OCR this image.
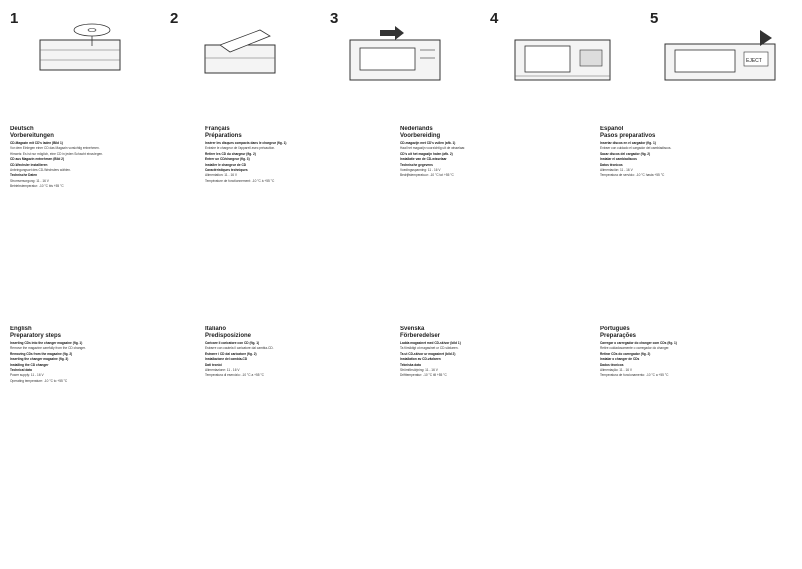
1	2	3	4
EJECT
5
Deutsch
Vorbereitungen

CD-Magazin mit CD's laden (Bild 1)

Vor dem Einlegen einer CD das Magazin vorsichtig entnehmen.

Hinweis: Es ist nur möglich, eine CD in jeden Schacht einzulegen.

CD aus Magazin entnehmen (Bild 2)

CD-Wechsler installieren

Anbringungsort des CD-Wechslers wählen.

Technische Daten

Stromversorgung: 11 - 16 V

Betriebstemperatur: -10 °C bis +55 °C

Français
Préparations

Insérer les disques compacts dans le chargeur (fig. 1)

Extraire le chargeur de l'appareil avec précaution.

Retirer les CD du chargeur (fig. 2)

Entrer un CD/chargeur (fig. 3)

Installer le changeur de CD

Caractéristiques techniques

Alimentation: 11 - 16 V

Température de fonctionnement: -10 °C à +55 °C

Nederlands
Voorbereiding

CD-magazijn met CD's vullen (afb. 1)

Haal het magazijn voorzichtig uit de wisselaar.

CD's uit het magazijn halen (afb. 2)

Installatie van de CD-wisselaar

Technische gegevens

Voedingsspanning: 11 - 16 V

Bedrijfstemperatuur: -10 °C tot +55 °C

Español
Pasos preparativos

Insertar discos en el cargador (fig. 1)

Extraer con cuidado el cargador del cambiadiscos.

Sacar discos del cargador (fig. 2)

Instalar el cambiadiscos

Datos técnicos

Alimentación: 11 - 16 V

Temperatura de servicio: -10 °C hasta +55 °C

English
Preparatory steps

Inserting CDs into the changer magazine (fig. 1)

Remove the magazine carefully from the CD changer.

Removing CDs from the magazine (fig. 2)

Inserting the changer magazine (fig. 3)

Installing the CD changer

Technical data

Power supply: 11 - 16 V

Operating temperature: -10 °C to +55 °C

Italiano
Predisposizione

Caricare il caricatore con CD (fig. 1)

Estrarre con cautela il caricatore dal cambia-CD.

Estrarre i CD dal caricatore (fig. 2)

Installazione del cambia-CD

Dati tecnici

Alimentazione: 11 - 16 V

Temperatura di esercizio: -10 °C a +55 °C

Svenska
Förberedelser

Ladda magasinet med CD-skivor (bild 1)

Ta försiktigt ut magasinet ur CD-växlaren.

Ta ut CD-skivor ur magasinet (bild 2)

Installation av CD-växlaren

Tekniska data

Strömförsörjning: 11 - 16 V

Drifttemperatur: -10 °C till +55 °C

Português
Preparações

Carregar o carregador do changer com CDs (fig. 1)

Retire cuidadosamente o carregador do changer.

Retirar CDs do carregador (fig. 2)

Instalar o changer de CDs

Dados técnicos

Alimentação: 11 - 16 V

Temperatura de funcionamento: -10 °C a +55 °C
